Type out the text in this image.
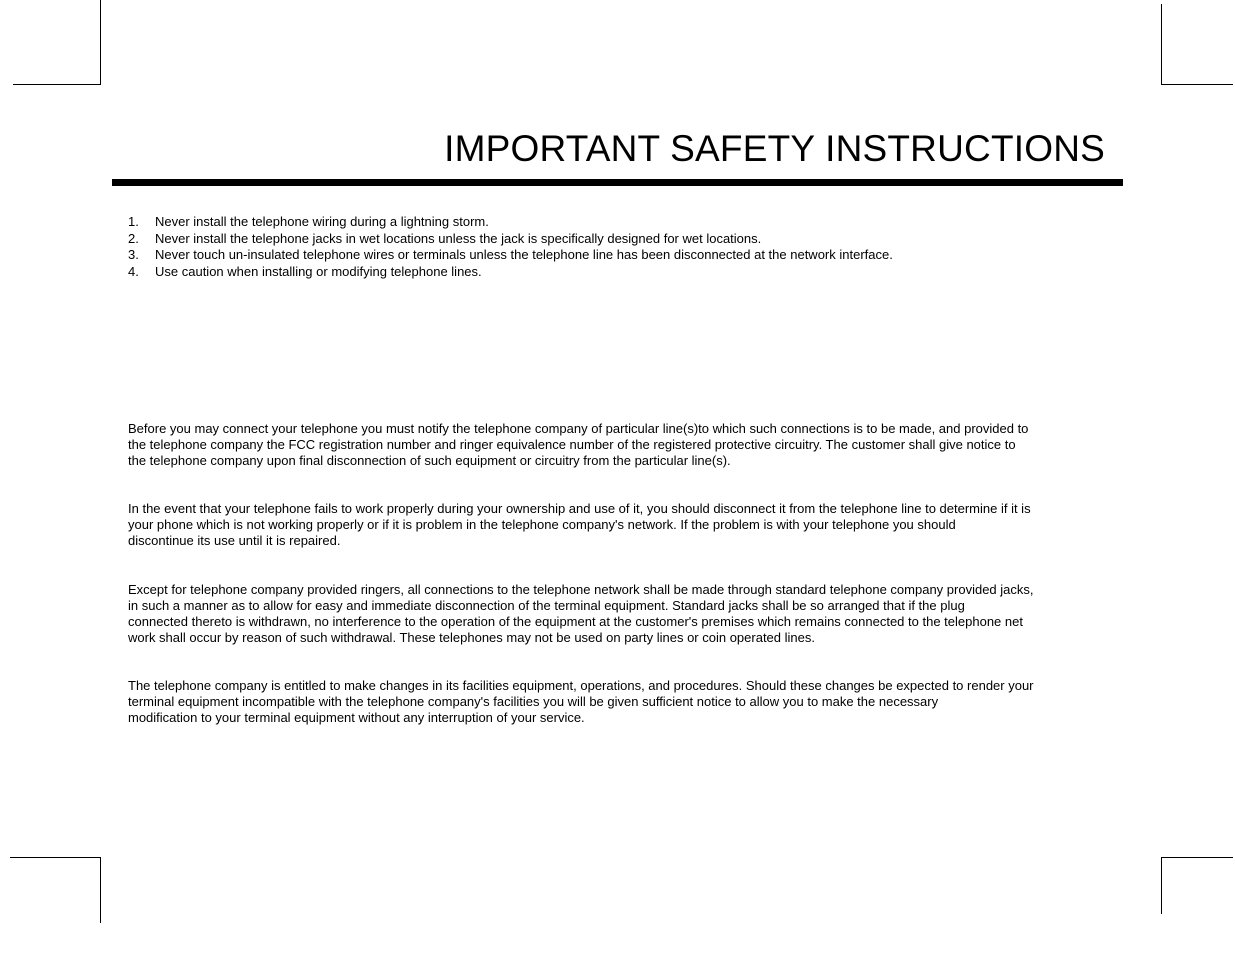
IMPORTANT SAFETY INSTRUCTIONS
1.	Never install the telephone wiring during a lightning storm.
2.	Never install the telephone jacks in wet locations unless the jack is specifically designed for wet locations.
3.	Never touch un-insulated telephone wires or terminals unless the telephone line has been disconnected at the network interface.
4.	Use caution when installing or modifying telephone lines.

Before you may connect your telephone you must notify the telephone company of particular line(s)to which such connections is to be made, and provided to
the telephone company the FCC registration number and ringer equivalence number of the registered protective circuitry. The customer shall give notice to
the telephone company upon final disconnection of such equipment or circuitry from the particular line(s).

In the event that your telephone fails to work properly during your ownership and use of it, you should disconnect it from the telephone line to determine if it is
your phone which is not working properly or if it is problem in the telephone company's network. If the problem is with your telephone you should
discontinue its use until it is repaired.

Except for telephone company provided ringers, all connections to the telephone network shall be made through standard telephone company provided jacks,
in such a manner as to allow for easy and immediate disconnection of the terminal equipment. Standard jacks shall be so arranged that if the plug
connected thereto is withdrawn, no interference to the operation of the equipment at the customer's premises which remains connected to the telephone net
work shall occur by reason of such withdrawal. These telephones may not be used on party lines or coin operated lines.

The telephone company is entitled to make changes in its facilities equipment, operations, and procedures. Should these changes be expected to render your
terminal equipment incompatible with the telephone company's facilities you will be given sufficient notice to allow you to make the necessary
modification to your terminal equipment without any interruption of your service.
